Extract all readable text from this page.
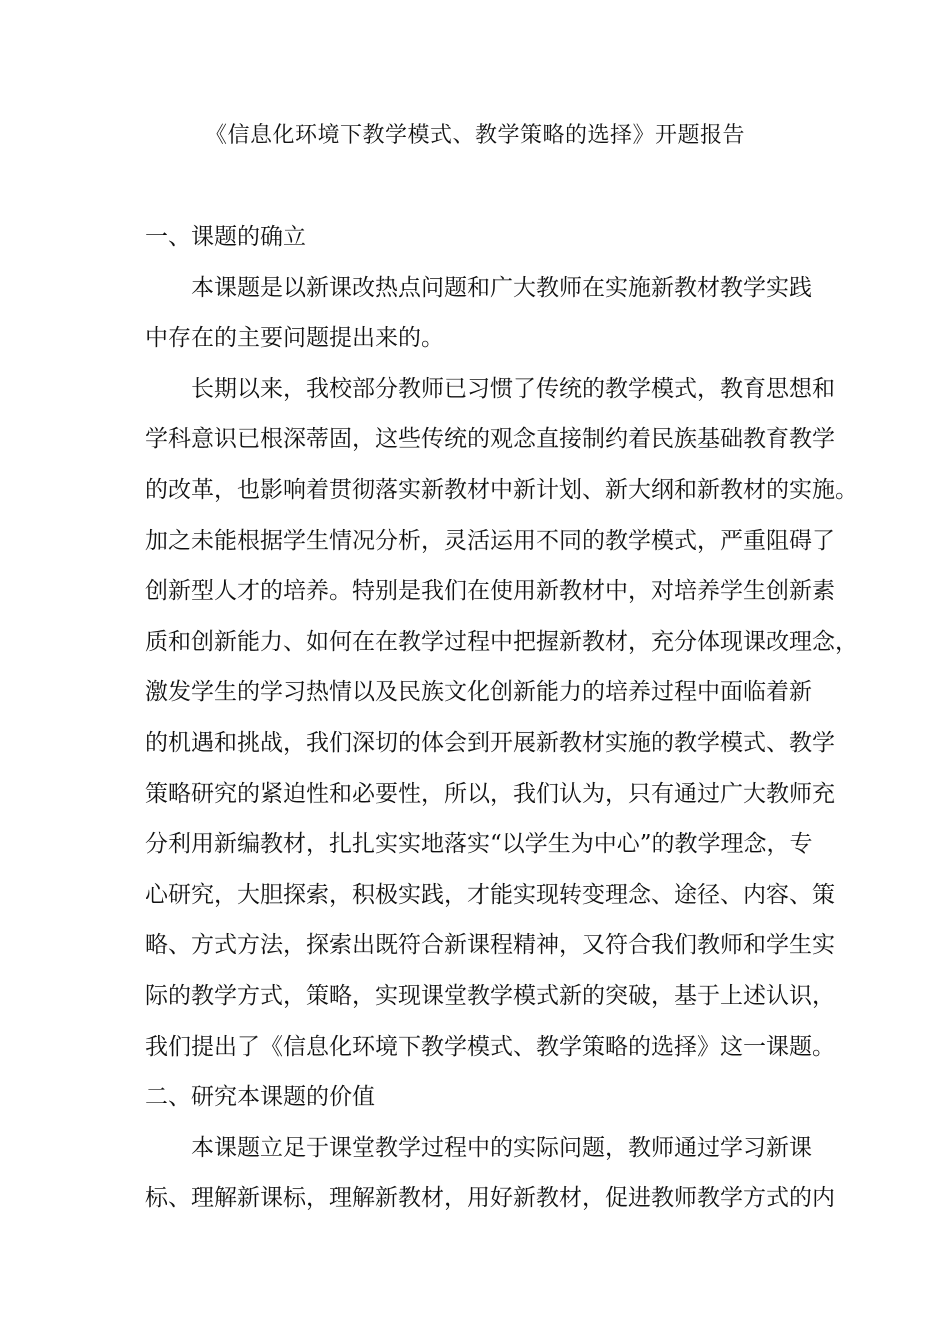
《信息化环境下教学模式、教学策略的选择》开题报告
一、课题的确立
本课题是以新课改热点问题和广大教师在实施新教材教学实践
中存在的主要问题提出来的。
长期以来，我校部分教师已习惯了传统的教学模式，教育思想和
学科意识已根深蒂固，这些传统的观念直接制约着民族基础教育教学
的改革，也影响着贯彻落实新教材中新计划、新大纲和新教材的实施。
加之未能根据学生情况分析，灵活运用不同的教学模式，严重阻碍了
创新型人才的培养。特别是我们在使用新教材中，对培养学生创新素
质和创新能力、如何在在教学过程中把握新教材，充分体现课改理念，
激发学生的学习热情以及民族文化创新能力的培养过程中面临着新
的机遇和挑战，我们深切的体会到开展新教材实施的教学模式、教学
策略研究的紧迫性和必要性，所以，我们认为，只有通过广大教师充
分利用新编教材，扎扎实实地落实“以学生为中心”的教学理念，专
心研究，大胆探索，积极实践，才能实现转变理念、途径、内容、策
略、方式方法，探索出既符合新课程精神，又符合我们教师和学生实
际的教学方式，策略，实现课堂教学模式新的突破，基于上述认识，
我们提出了《信息化环境下教学模式、教学策略的选择》这一课题。
二、研究本课题的价值
本课题立足于课堂教学过程中的实际问题，教师通过学习新课
标、理解新课标，理解新教材，用好新教材，促进教师教学方式的内
